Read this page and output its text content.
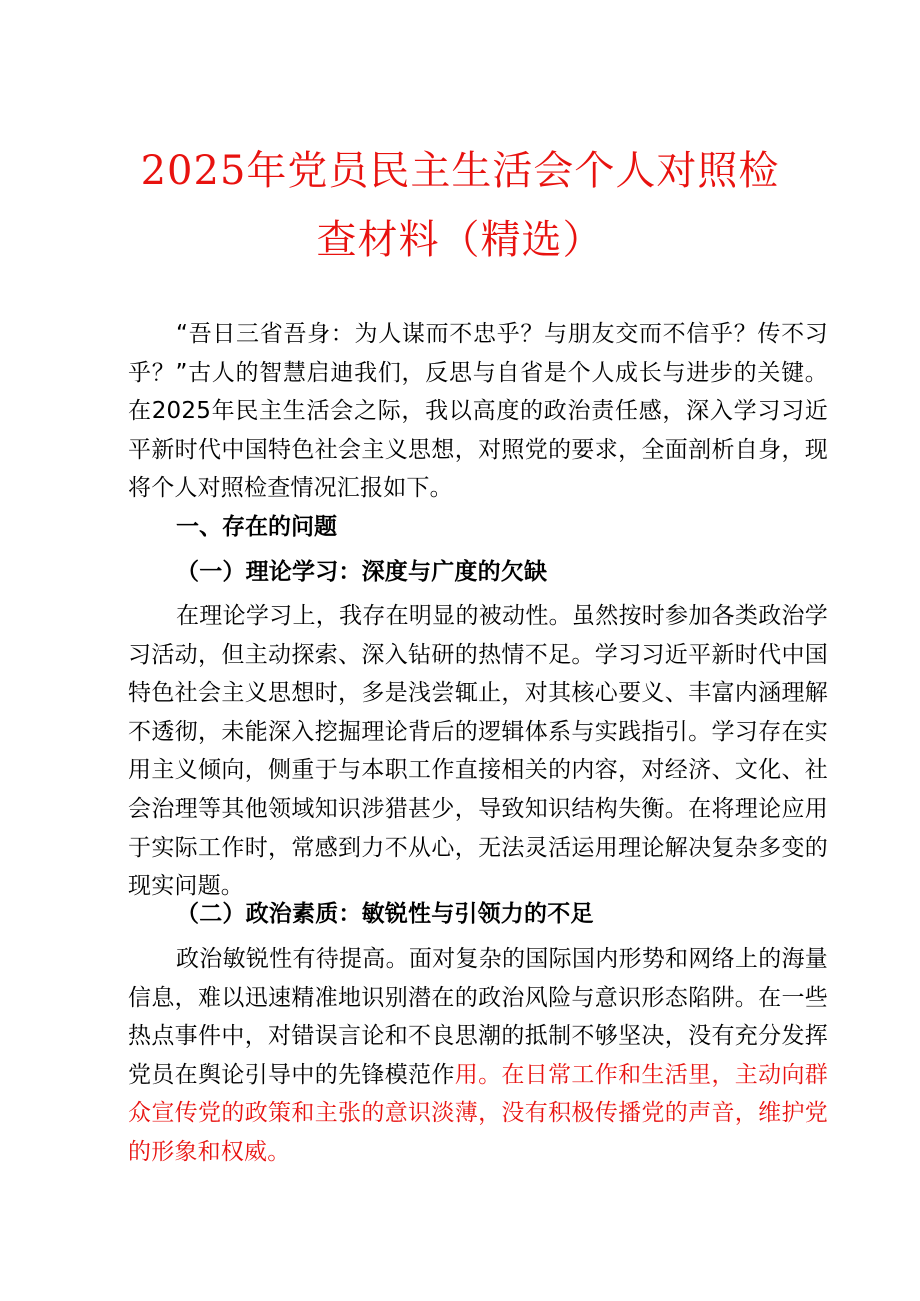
2025年党员民主生活会个人对照检
查材料（精选）
“吾日三省吾身：为人谋而不忠乎？与朋友交而不信乎？传不习乎？”古人的智慧启迪我们，反思与自省是个人成长与进步的关键。在2025年民主生活会之际，我以高度的政治责任感，深入学习习近平新时代中国特色社会主义思想，对照党的要求，全面剖析自身，现将个人对照检查情况汇报如下。
一、存在的问题
（一）理论学习：深度与广度的欠缺
在理论学习上，我存在明显的被动性。虽然按时参加各类政治学习活动，但主动探索、深入钻研的热情不足。学习习近平新时代中国特色社会主义思想时，多是浅尝辄止，对其核心要义、丰富内涵理解不透彻，未能深入挖掘理论背后的逻辑体系与实践指引。学习存在实用主义倾向，侧重于与本职工作直接相关的内容，对经济、文化、社会治理等其他领域知识涉猎甚少，导致知识结构失衡。在将理论应用于实际工作时，常感到力不从心，无法灵活运用理论解决复杂多变的现实问题。
（二）政治素质：敏锐性与引领力的不足
政治敏锐性有待提高。面对复杂的国际国内形势和网络上的海量信息，难以迅速精准地识别潜在的政治风险与意识形态陷阱。在一些热点事件中，对错误言论和不良思潮的抵制不够坚决，没有充分发挥党员在舆论引导中的先锋模范作用。在日常工作和生活里，主动向群众宣传党的政策和主张的意识淡薄，没有积极传播党的声音，维护党的形象和权威。
